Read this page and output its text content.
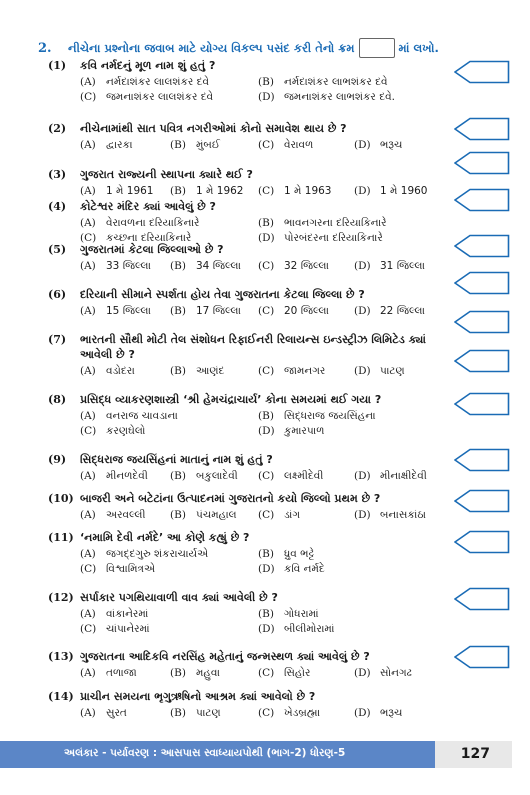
2.	નીચેના પ્રશ્નોના જવાબ માટે યોગ્ય વિકલ્પ પસંદ કરી તેનો ક્રમ	માં લખો.
(1)	કવિ નર્મદનું મૂળ નામ શું હતું ?
(A) નર્મદાશંકર લાલશંકર દવે	(B) નર્મદાશંકર લાભશંકર દવે
(C) જમનાશંકર લાલશંકર દવે	(D) જમનાશંકર લાભશંકર દવે.
(2)	નીચેનામાંથી સાત પવિત્ર નગરીઓમાં કોનો સમાવેશ થાય છે ?
(A) દ્વારકા	(B) મુંબઈ	(C) વેરાવળ	(D) ભરૂચ
(3)	ગુજરાત રાજ્યની સ્થાપના ક્યારે થઈ ?
(A) 1 મે 1961	(B) 1 મે 1962	(C) 1 મે 1963	(D) 1 મે 1960
(4)	કોટેશ્વર મંદિર ક્યાં આવેલું છે ?
(A) વેરાવળના દરિયાકિનારે	(B) ભાવનગરના દરિયાકિનારે
(C) કચ્છના દરિયાકિનારે	(D) પોરબંદરના દરિયાકિનારે
(5)	ગુજરાતમાં કેટલા જિલ્લાઓ છે ?
(A) 33 જિલ્લા	(B) 34 જિલ્લા	(C) 32 જિલ્લા	(D) 31 જિલ્લા
(6)	દરિયાની સીમાને સ્પર્શતા હોય તેવા ગુજરાતના કેટલા જિલ્લા છે ?
(A) 15 જિલ્લા	(B) 17 જિલ્લા	(C) 20 જિલ્લા	(D) 22 જિલ્લા
(7)	ભારતની સૌથી મોટી તેલ સંશોધન રિફાઈનરી રિલાયન્સ ઇન્ડસ્ટ્રીઝ લિમિટેડ ક્યાં આવેલી છે ?
(A) વડોદરા	(B) આણંદ	(C) જામનગર	(D) પાટણ
(8)	પ્રસિદ્ધ વ્યાકરણશાસ્ત્રી ‘શ્રી હેમચંદ્રાચાર્ય’ કોના સમયમાં થઈ ગયા ?
(A) વનરાજ ચાવડાના	(B) સિદ્ધરાજ જયસિંહના
(C) કરણઘેલો	(D) કુમારપાળ
(9)	સિદ્ધરાજ જયસિંહનાં માતાનું નામ શું હતું ?
(A) મીનળદેવી	(B) બકુલાદેવી	(C) લક્ષ્મીદેવી	(D) મીનાક્ષીદેવી
(10) બાજરી અને બટેટાંના ઉત્પાદનમાં ગુજરાતનો કયો જિલ્લો પ્રથમ છે ?
(A) અરવલ્લી	(B) પંચમહાલ	(C) ડાંગ	(D) બનાસકાંઠા
(11) ‘નમામિ દેવી નર્મદે’ આ કોણે કહ્યું છે ?
(A) જગદ્દગુરુ શંકરાચાર્યએ	(B) ધ્રુવ ભટ્ટે
(C) વિશ્વામિત્રએ	(D) કવિ નર્મદે
(12) સર્પાકાર પગથિયાવાળી વાવ ક્યાં આવેલી છે ?
(A) વાંકાનેરમાં	(B) ગોધરામાં
(C) ચાંપાનેરમાં	(D) બીલીમોરામાં
(13) ગુજરાતના આદિકવિ નરસિંહ મહેતાનું જન્મસ્થળ ક્યાં આવેલું છે ?
(A) તળાજા	(B) મહુવા	(C) સિહોર	(D) સોનગઢ
(14) પ્રાચીન સમયના ભૃગુઋષિનો આશ્રમ ક્યાં આવેલો છે ?
(A) સુરત	(B) પાટણ	(C) ખેડબ્રહ્મા	(D) ભરૂચ
અલંકાર - પર્યાવરણ : આસપાસ સ્વાધ્યાયપોથી (ભાગ-2) ધોરણ-5	127
